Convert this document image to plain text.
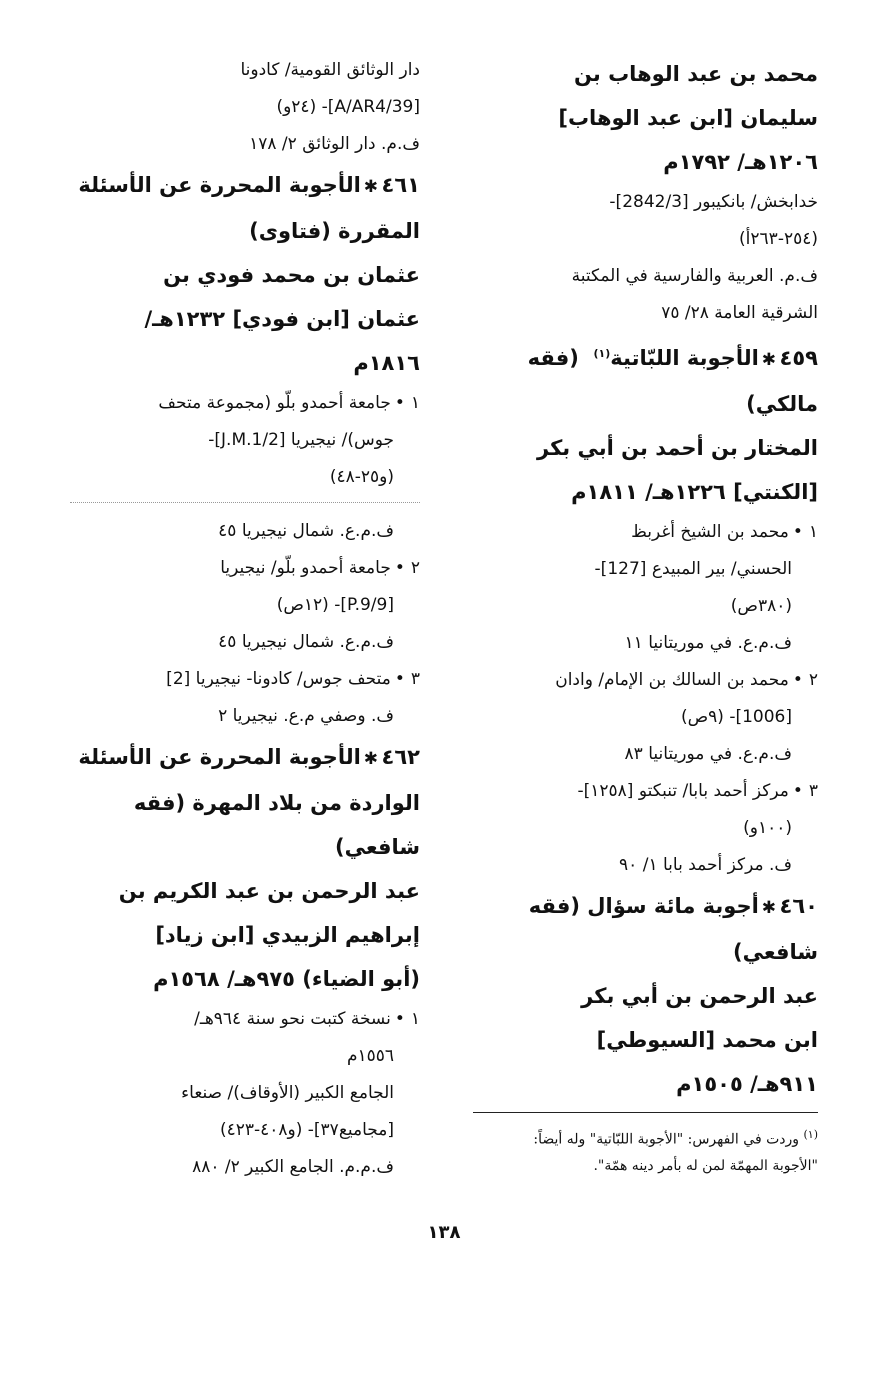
محمد بن عبد الوهاب بن
سليمان [ابن عبد الوهاب]
١٢٠٦هـ/ ١٧٩٢م
خدابخش/ بانكيبور [2842/3]-
(٢٥٤-٢٦٣أ)
ف.م. العربية والفارسية في المكتبة
الشرقية العامة ٢٨/ ٧٥
٤٥٩✱الأجوبة اللبّاتية$^{(١)}$  (فقه
مالكي)
المختار بن أحمد بن أبي بكر
[الكنتي] ١٢٢٦هـ/ ١٨١١م
١•محمد بن الشيخ أغربظ
الحسني/ بير المبيدع [127]-
(٣٨٠ص)
ف.م.ع. في موريتانيا ١١
٢•محمد بن السالك بن الإمام/ وادان
[1006]- (٩ص)
ف.م.ع. في موريتانيا ٨٣
٣•مركز أحمد بابا/ تنبكتو [١٢٥٨]-
(١٠٠و)
ف. مركز أحمد بابا ١/ ٩٠
٤٦٠✱أجوبة مائة سؤال (فقه
شافعي)
عبد الرحمن بن أبي بكر
ابن محمد [السيوطي]
٩١١هـ/ ١٥٠٥م
دار الوثائق القومية/ كادونا
[A/AR4/39]- (٢٤و)
ف.م. دار الوثائق ٢/ ١٧٨
٤٦١✱الأجوبة المحررة عن الأسئلة
المقررة (فتاوى)
عثمان بن محمد فودي بن
عثمان [ابن فودي] ١٢٣٢هـ/
١٨١٦م
١•جامعة أحمدو بلّو (مجموعة متحف
جوس)/ نيجيريا [J.M.1/2]-
(و٢٥-٤٨)
ف.م.ع. شمال نيجيريا ٤٥
٢•جامعة أحمدو بلّو/ نيجيريا
[P.9/9]- (١٢ص)
ف.م.ع. شمال نيجيريا ٤٥
٣•متحف جوس/ كادونا- نيجيريا [2]
ف. وصفي م.ع. نيجيريا ٢
٤٦٢✱الأجوبة المحررة عن الأسئلة
الواردة من بلاد المهرة (فقه
شافعي)
عبد الرحمن بن عبد الكريم بن
إبراهيم الزبيدي [ابن زياد]
(أبو الضياء) ٩٧٥هـ/ ١٥٦٨م
١•نسخة كتبت نحو سنة ٩٦٤هـ/
١٥٥٦م
الجامع الكبير (الأوقاف)/ صنعاء
[مجاميع٣٧]- (و٤٠٨-٤٢٣)
ف.م.م. الجامع الكبير ٢/ ٨٨٠
$^{(١)}$ وردت في الفهرس: "الأجوبة اللبّاتية" وله أيضاً:
"الأجوبة المهمّة لمن له بأمر دينه همّة".
١٣٨
